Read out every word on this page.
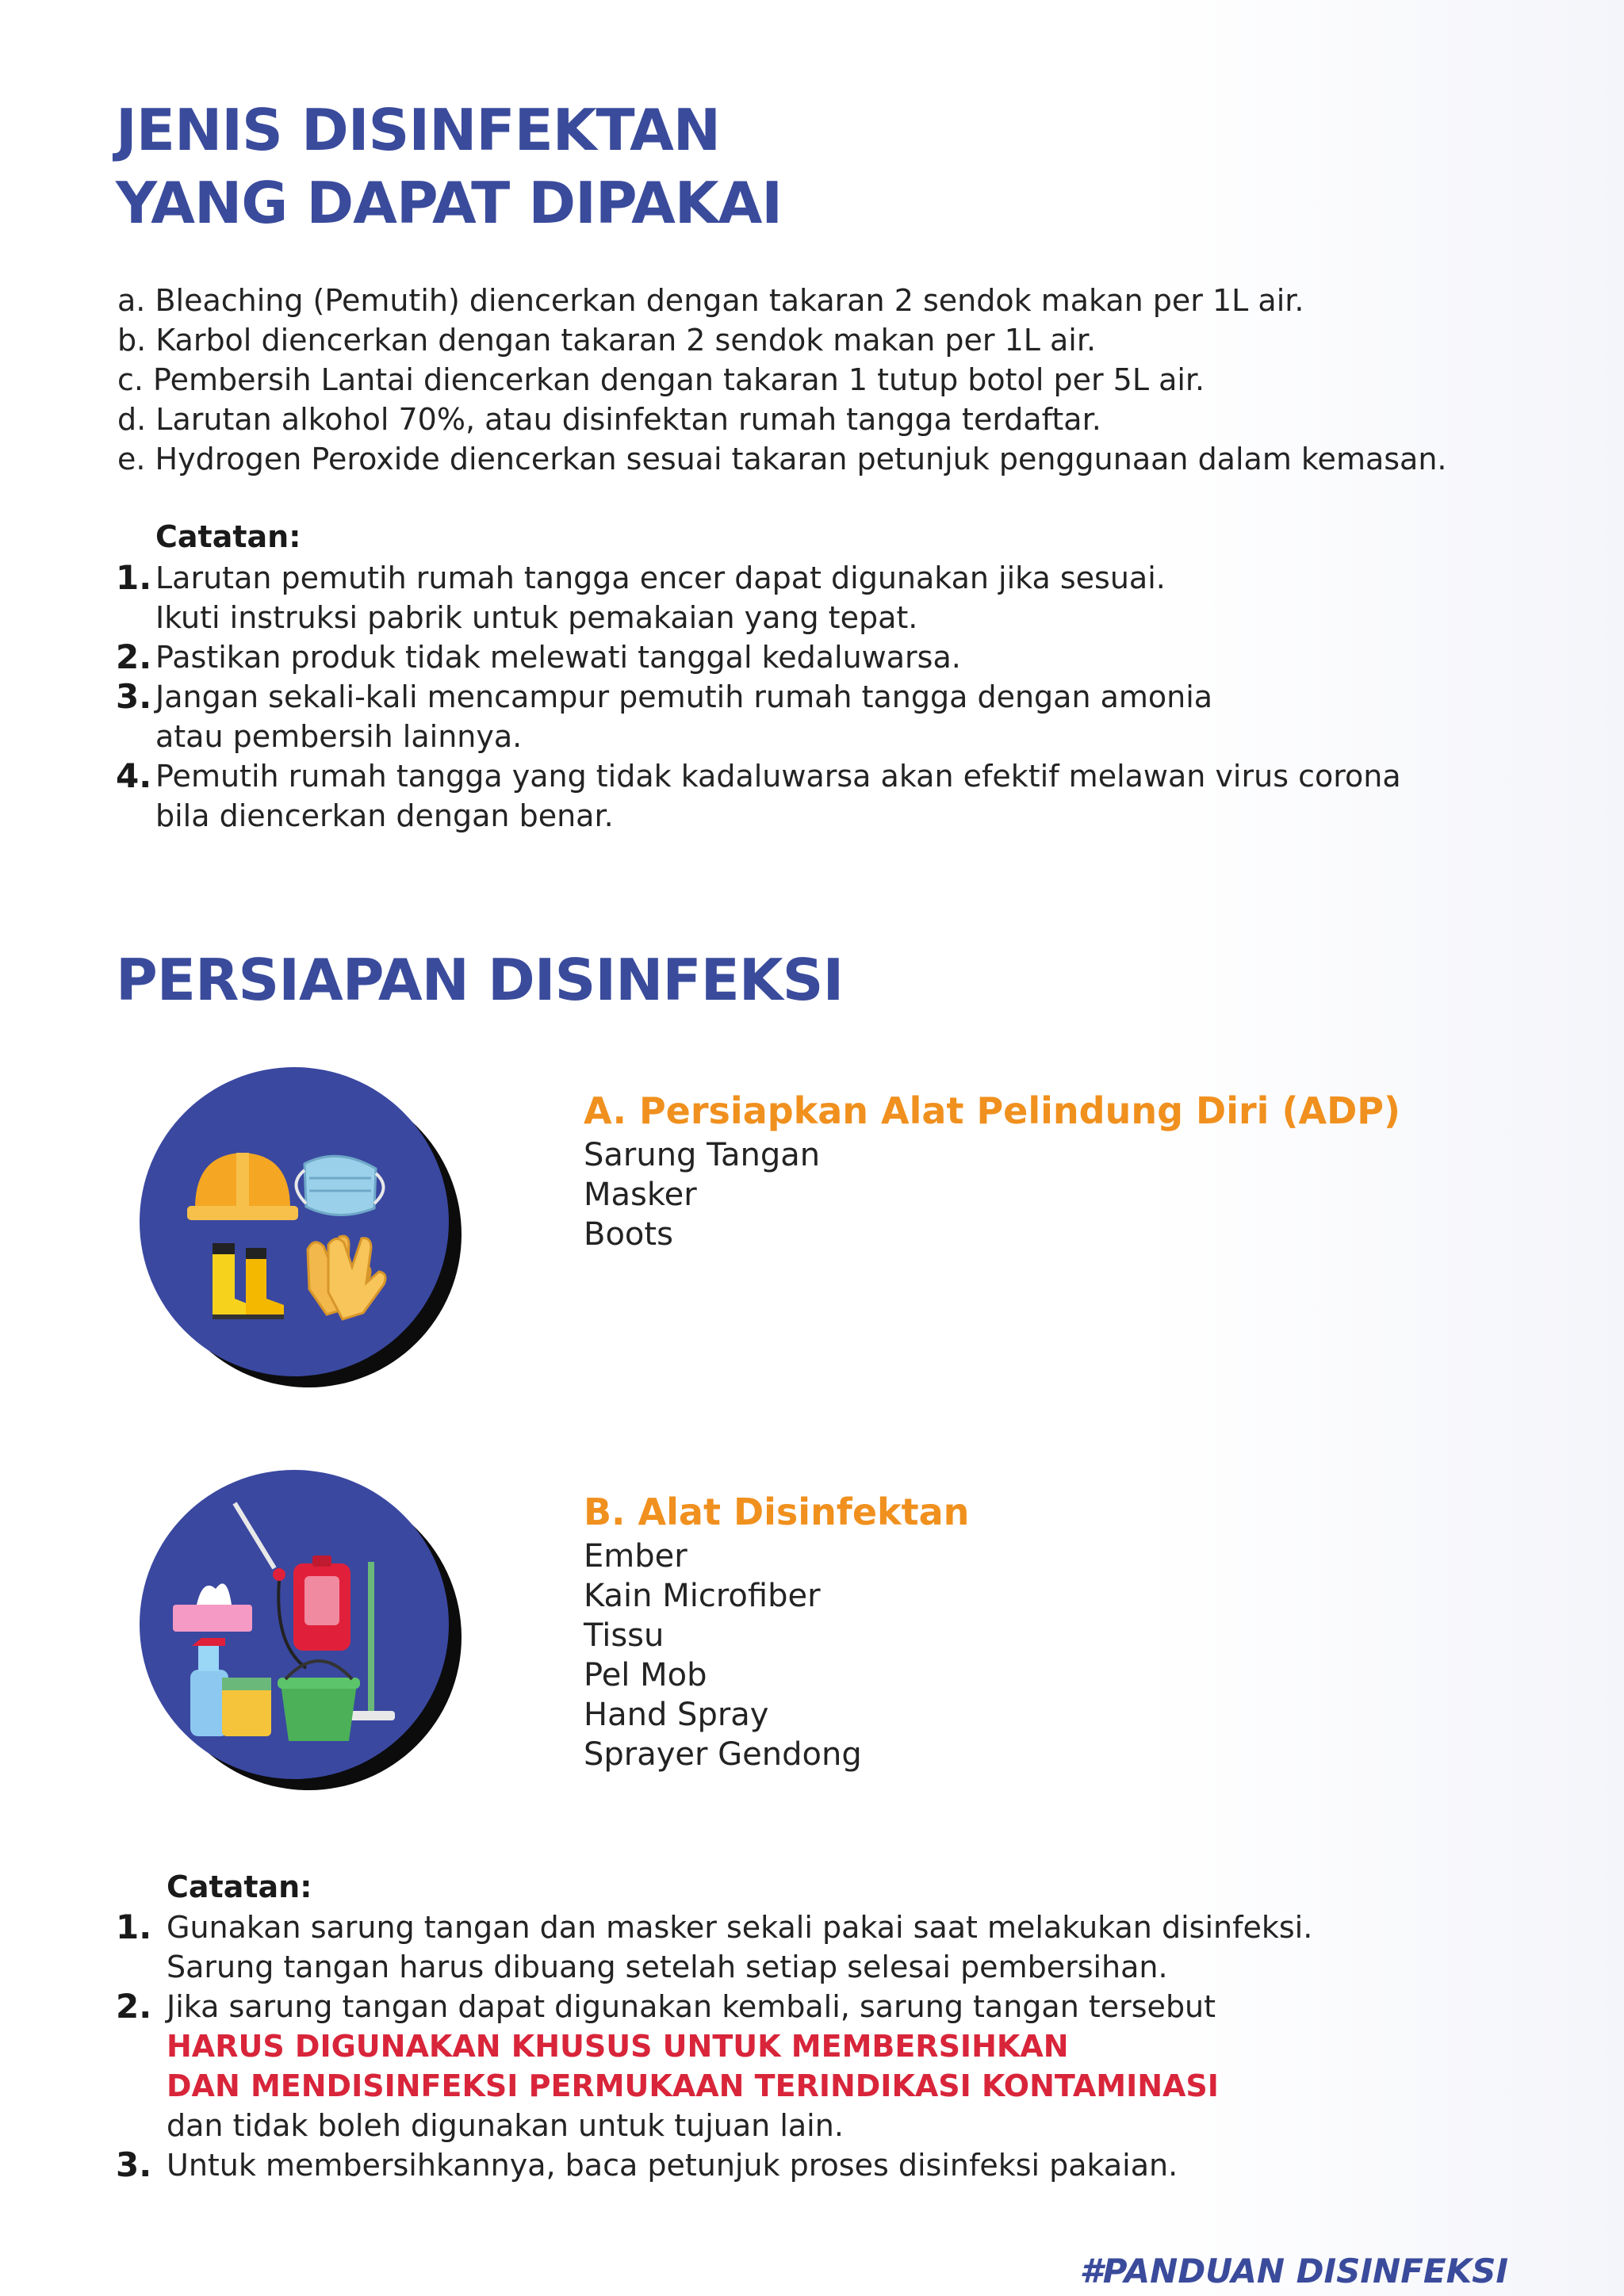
JENIS DISINFEKTAN
YANG DAPAT DIPAKAI
a. Bleaching (Pemutih) diencerkan dengan takaran 2 sendok makan per 1L air.
b. Karbol diencerkan dengan takaran 2 sendok makan per 1L air.
c. Pembersih Lantai diencerkan dengan takaran 1 tutup botol per 5L air.
d. Larutan alkohol 70%, atau disinfektan rumah tangga terdaftar.
e. Hydrogen Peroxide diencerkan sesuai takaran petunjuk penggunaan dalam kemasan.
Catatan:
1. Larutan pemutih rumah tangga encer dapat digunakan jika sesuai.
Ikuti instruksi pabrik untuk pemakaian yang tepat.
2. Pastikan produk tidak melewati tanggal kedaluwarsa.
3. Jangan sekali-kali mencampur pemutih rumah tangga dengan amonia
atau pembersih lainnya.
4. Pemutih rumah tangga yang tidak kadaluwarsa akan efektif melawan virus corona
bila diencerkan dengan benar.
PERSIAPAN DISINFEKSI
A. Persiapkan Alat Pelindung Diri (ADP)
Sarung Tangan
Masker
Boots
B. Alat Disinfektan
Ember
Kain Microfiber
Tissu
Pel Mob
Hand Spray
Sprayer Gendong
Catatan:
1. Gunakan sarung tangan dan masker sekali pakai saat melakukan disinfeksi.
Sarung tangan harus dibuang setelah setiap selesai pembersihan.
2. Jika sarung tangan dapat digunakan kembali, sarung tangan tersebut
HARUS DIGUNAKAN KHUSUS UNTUK MEMBERSIHKAN
DAN MENDISINFEKSI PERMUKAAN TERINDIKASI KONTAMINASI
dan tidak boleh digunakan untuk tujuan lain.
3. Untuk membersihkannya, baca petunjuk proses disinfeksi pakaian.
#PANDUAN DISINFEKSI
